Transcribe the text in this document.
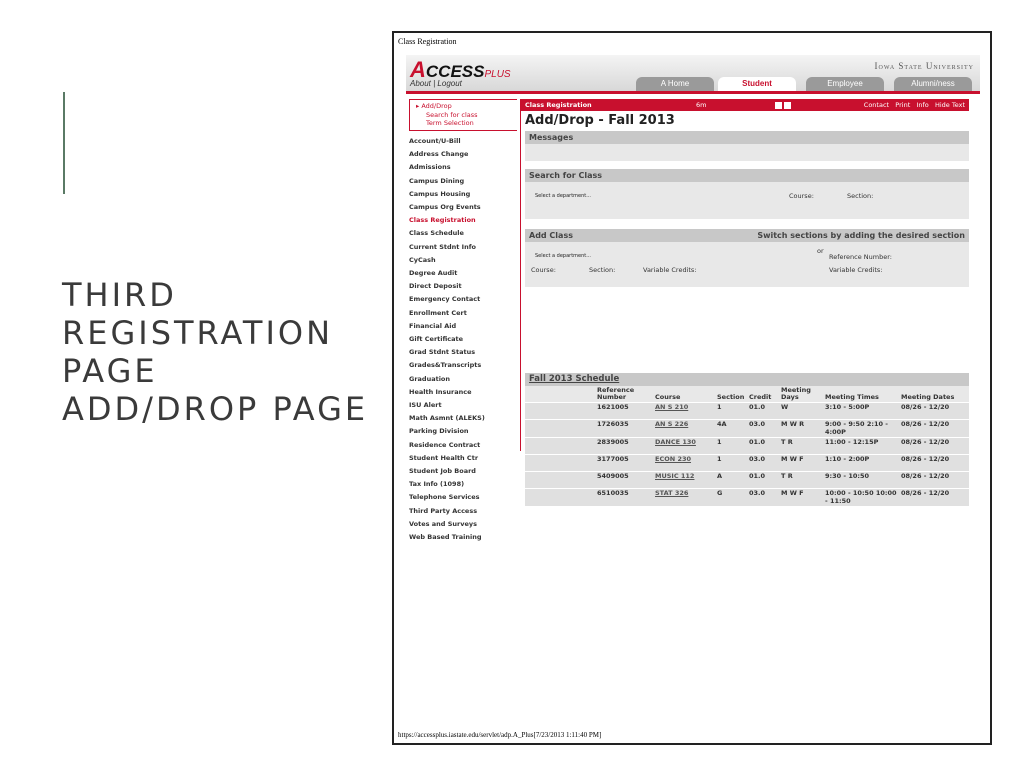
THIRD
REGISTRATION
PAGE
ADD/DROP PAGE
Class Registration
ACCESSPLUS
About | Logout
Iowa State University
A Home	Student	Employee	Alumni/ness
▸ Add/Drop
Search for class
Term Selection
Account/U-Bill
Address Change
Admissions
Campus Dining
Campus Housing
Campus Org Events
Class Registration
Class Schedule
Current Stdnt Info
CyCash
Degree Audit
Direct Deposit
Emergency Contact
Enrollment Cert
Financial Aid
Gift Certificate
Grad Stdnt Status
Grades&Transcripts
Graduation
Health Insurance
ISU Alert
Math Asmnt (ALEKS)
Parking Division
Residence Contract
Student Health Ctr
Student Job Board
Tax Info (1098)
Telephone Services
Third Party Access
Votes and Surveys
Web Based Training
Class Registration	6m	Contact Print Info Hide Text
Add/Drop - Fall 2013
Messages
Search for Class
Select a department...	Course:	Section:
Add Class	Switch sections by adding the desired section
Select a department...
Course:	Section:	Variable Credits:
or
Reference Number:
Variable Credits:
Fall 2013 Schedule
	Reference Number	Course	Section	Credit	Meeting Days	Meeting Times	Meeting Dates
	1621005	AN S 210	1	01.0	W	3:10 - 5:00P	08/26 - 12/20
	1726035	AN S 226	4A	03.0	M W R	9:00 - 9:50 2:10 - 4:00P	08/26 - 12/20
	2839005	DANCE 130	1	01.0	T R	11:00 - 12:15P	08/26 - 12/20
	3177005	ECON 230	1	03.0	M W F	1:10 - 2:00P	08/26 - 12/20
	5409005	MUSIC 112	A	01.0	T R	9:30 - 10:50	08/26 - 12/20
	6510035	STAT 326	G	03.0	M W F	10:00 - 10:50 10:00 - 11:50	08/26 - 12/20
https://accessplus.iastate.edu/servlet/adp.A_Plus[7/23/2013 1:11:40 PM]
